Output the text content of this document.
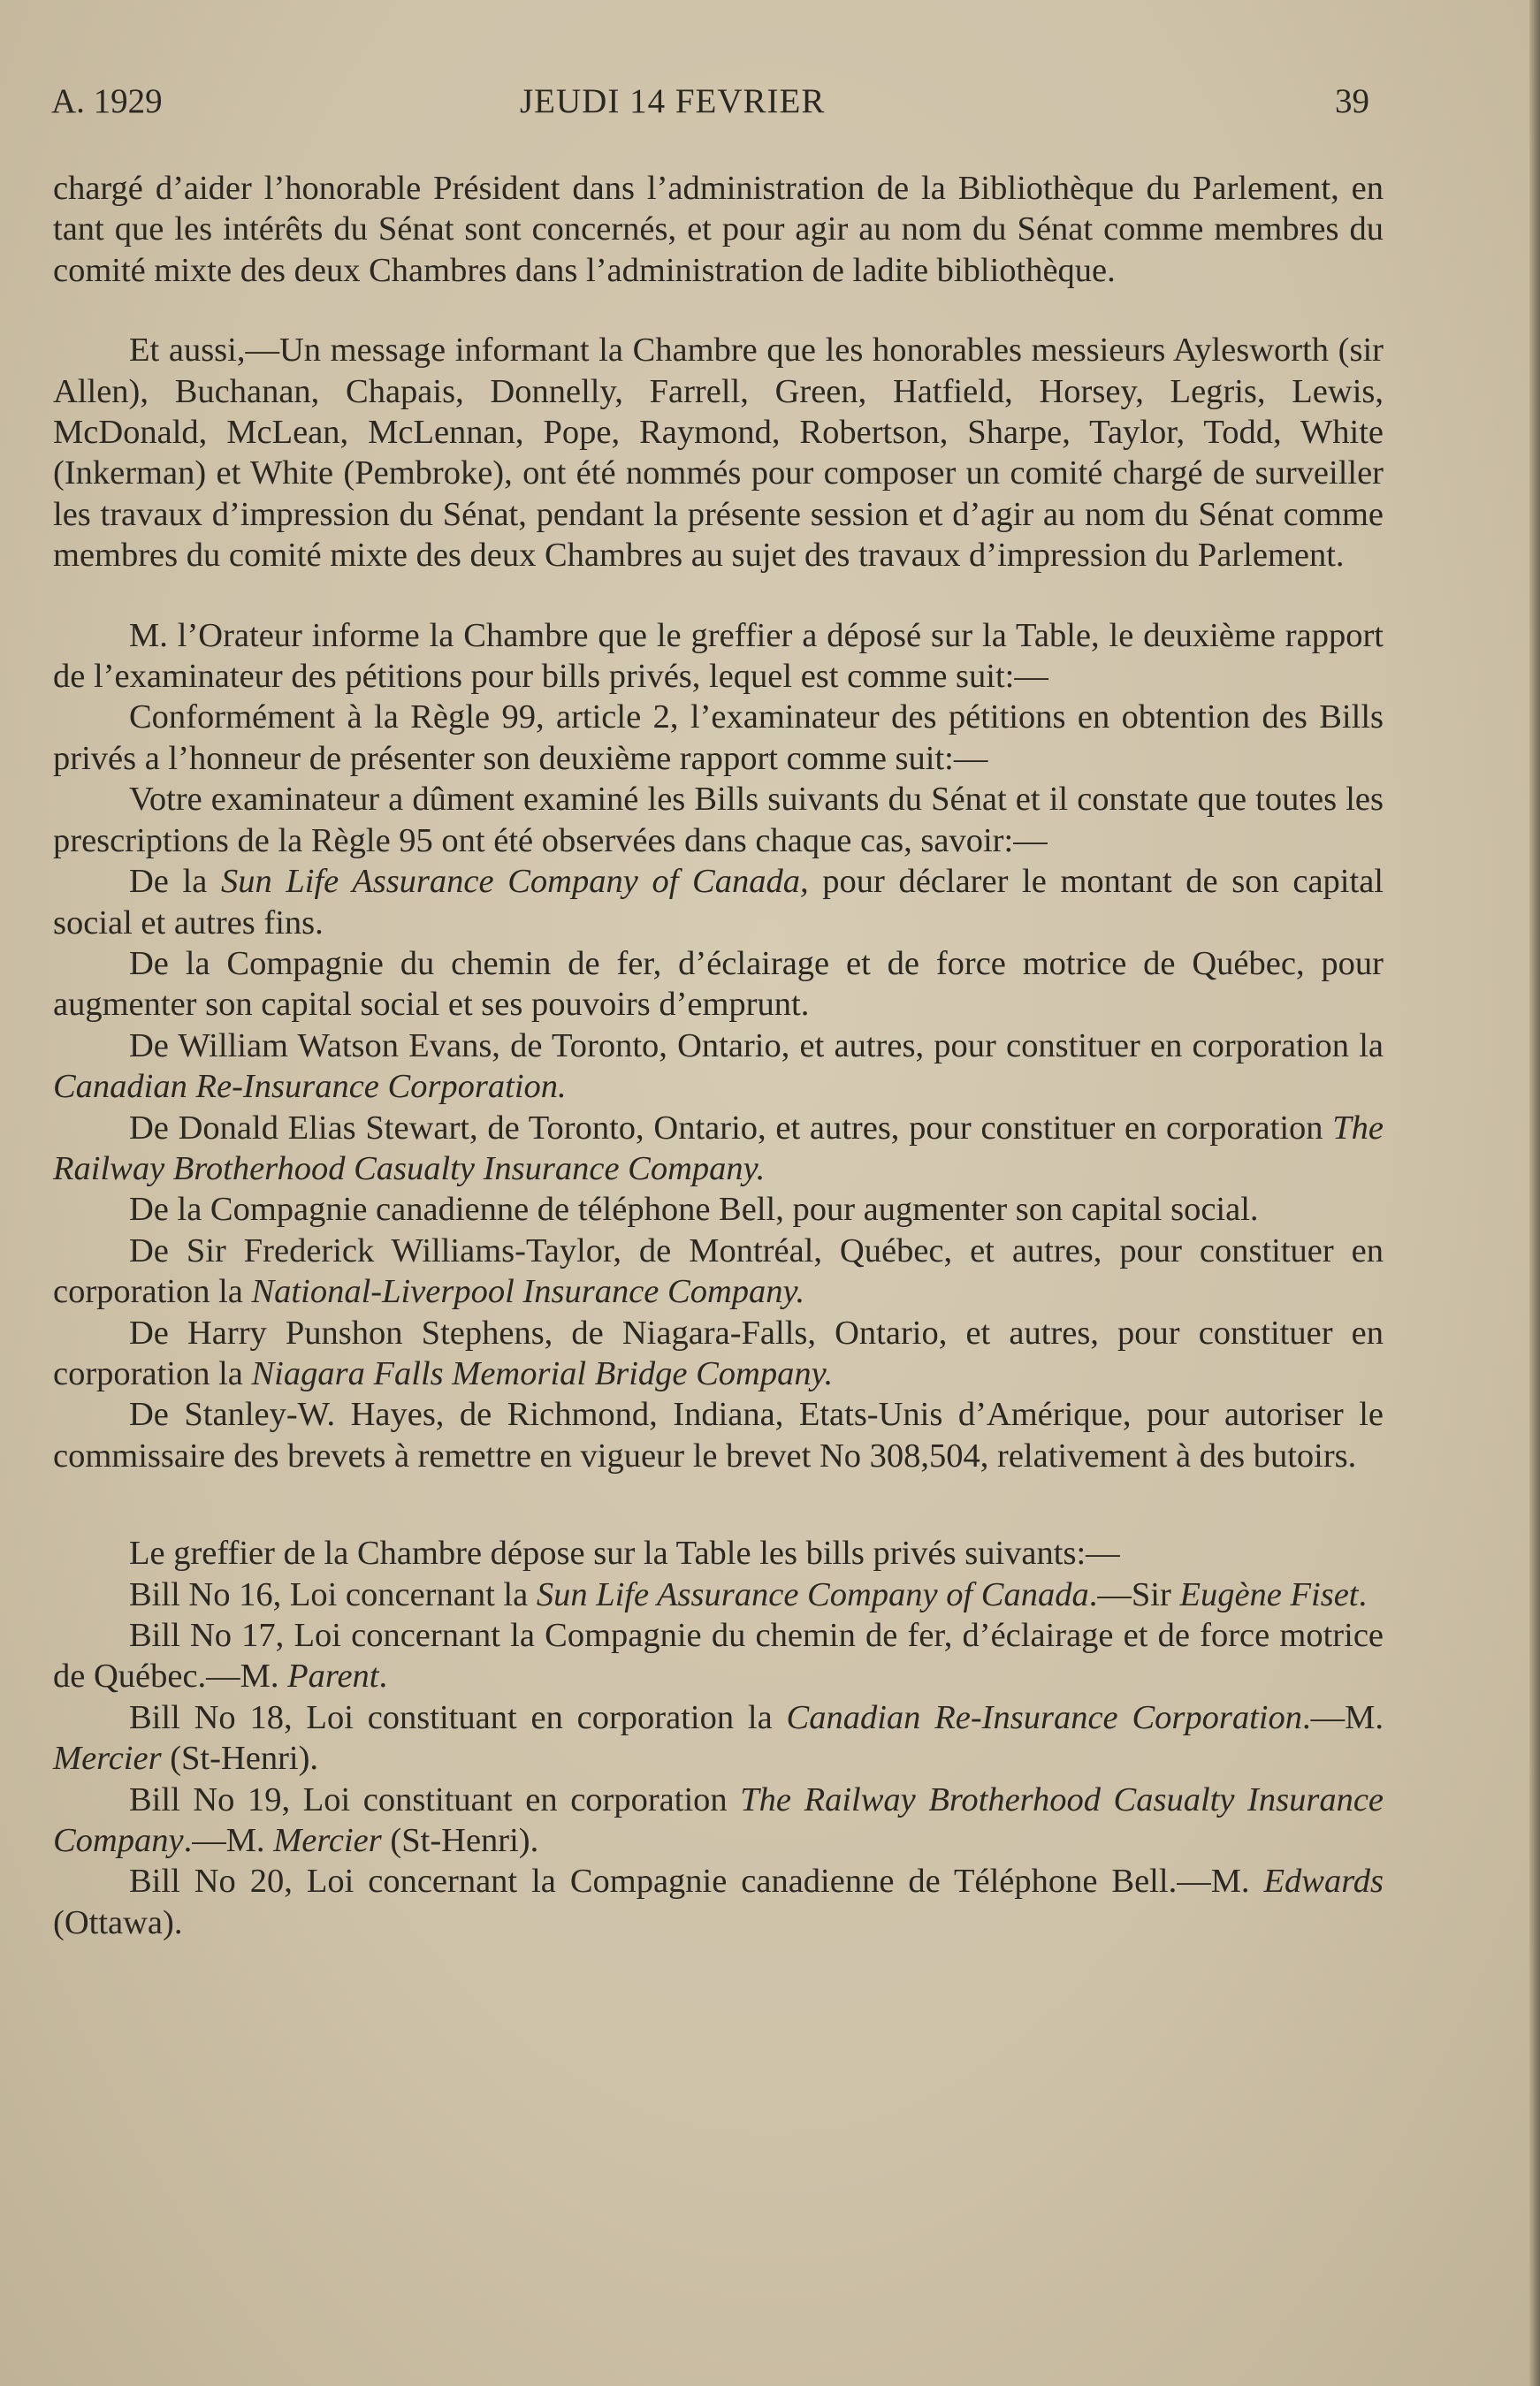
A. 1929	JEUDI 14 FEVRIER	39

chargé d’aider l’honorable Président dans l’administration de la Bibliothèque du Parlement, en tant que les intérêts du Sénat sont concernés, et pour agir au nom du Sénat comme membres du comité mixte des deux Chambres dans l’administration de ladite bibliothèque.

Et aussi,—Un message informant la Chambre que les honorables messieurs Aylesworth (sir Allen), Buchanan, Chapais, Donnelly, Farrell, Green, Hatfield, Horsey, Legris, Lewis, McDonald, McLean, McLennan, Pope, Raymond, Robertson, Sharpe, Taylor, Todd, White (Inkerman) et White (Pembroke), ont été nommés pour composer un comité chargé de surveiller les travaux d’impression du Sénat, pendant la présente session et d’agir au nom du Sénat comme membres du comité mixte des deux Chambres au sujet des travaux d’impression du Parlement.

M. l’Orateur informe la Chambre que le greffier a déposé sur la Table, le deuxième rapport de l’examinateur des pétitions pour bills privés, lequel est comme suit:—

Conformément à la Règle 99, article 2, l’examinateur des pétitions en obtention des Bills privés a l’honneur de présenter son deuxième rapport comme suit:—

Votre examinateur a dûment examiné les Bills suivants du Sénat et il constate que toutes les prescriptions de la Règle 95 ont été observées dans chaque cas, savoir:—

De la Sun Life Assurance Company of Canada, pour déclarer le montant de son capital social et autres fins.

De la Compagnie du chemin de fer, d’éclairage et de force motrice de Québec, pour augmenter son capital social et ses pouvoirs d’emprunt.

De William Watson Evans, de Toronto, Ontario, et autres, pour constituer en corporation la Canadian Re-Insurance Corporation.

De Donald Elias Stewart, de Toronto, Ontario, et autres, pour constituer en corporation The Railway Brotherhood Casualty Insurance Company.

De la Compagnie canadienne de téléphone Bell, pour augmenter son capital social.

De Sir Frederick Williams-Taylor, de Montréal, Québec, et autres, pour constituer en corporation la National-Liverpool Insurance Company.

De Harry Punshon Stephens, de Niagara-Falls, Ontario, et autres, pour constituer en corporation la Niagara Falls Memorial Bridge Company.

De Stanley-W. Hayes, de Richmond, Indiana, Etats-Unis d’Amérique, pour autoriser le commissaire des brevets à remettre en vigueur le brevet No 308,504, relativement à des butoirs.

Le greffier de la Chambre dépose sur la Table les bills privés suivants:—

Bill No 16, Loi concernant la Sun Life Assurance Company of Canada.—Sir Eugène Fiset.

Bill No 17, Loi concernant la Compagnie du chemin de fer, d’éclairage et de force motrice de Québec.—M. Parent.

Bill No 18, Loi constituant en corporation la Canadian Re-Insurance Corporation.—M. Mercier (St-Henri).

Bill No 19, Loi constituant en corporation The Railway Brotherhood Casualty Insurance Company.—M. Mercier (St-Henri).

Bill No 20, Loi concernant la Compagnie canadienne de Téléphone Bell.—M. Edwards (Ottawa).
